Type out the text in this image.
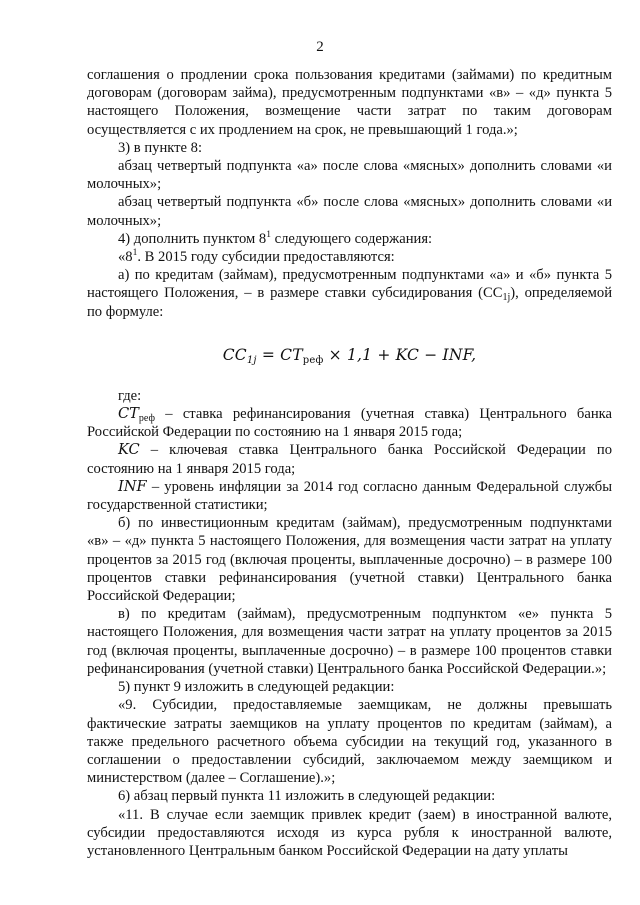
2

соглашения о продлении срока пользования кредитами (займами) по кредитным договорам (договорам займа), предусмотренным подпунктами «в» – «д» пункта 5 настоящего Положения, возмещение части затрат по таким договорам осуществляется с их продлением на срок, не превышающий 1 года.»;

3) в пункте 8:

абзац четвертый подпункта «а» после слова «мясных» дополнить словами «и молочных»;

абзац четвертый подпункта «б» после слова «мясных» дополнить словами «и молочных»;

4) дополнить пунктом $8^1$ следующего содержания:

«$8^1$. В 2015 году субсидии предоставляются:

а) по кредитам (займам), предусмотренным подпунктами «а» и «б» пункта 5 настоящего Положения, – в размере ставки субсидирования $(СС_{1j})$, определяемой по формуле:

$CC_{1j} = CT_{реф} \times 1,1$ + KC − INF,

где:

$CT_{реф}$ – ставка рефинансирования (учетная ставка) Центрального банка Российской Федерации по состоянию на 1 января 2015 года;

KC – ключевая ставка Центрального банка Российской Федерации по состоянию на 1 января 2015 года;

INF – уровень инфляции за 2014 год согласно данным Федеральной службы государственной статистики;

б) по инвестиционным кредитам (займам), предусмотренным подпунктами «в» – «д» пункта 5 настоящего Положения, для возмещения части затрат на уплату процентов за 2015 год (включая проценты, выплаченные досрочно) – в размере 100 процентов ставки рефинансирования (учетной ставки) Центрального банка Российской Федерации;

в) по кредитам (займам), предусмотренным подпунктом «е» пункта 5 настоящего Положения, для возмещения части затрат на уплату процентов за 2015 год (включая проценты, выплаченные досрочно) – в размере 100 процентов ставки рефинансирования (учетной ставки) Центрального банка Российской Федерации.»;

5) пункт 9 изложить в следующей редакции:

«9. Субсидии, предоставляемые заемщикам, не должны превышать фактические затраты заемщиков на уплату процентов по кредитам (займам), а также предельного расчетного объема субсидии на текущий год, указанного в соглашении о предоставлении субсидий, заключаемом между заемщиком и министерством (далее – Соглашение).»;

6) абзац первый пункта 11 изложить в следующей редакции:

«11. В случае если заемщик привлек кредит (заем) в иностранной валюте, субсидии предоставляются исходя из курса рубля к иностранной валюте, установленного Центральным банком Российской Федерации на дату уплаты
